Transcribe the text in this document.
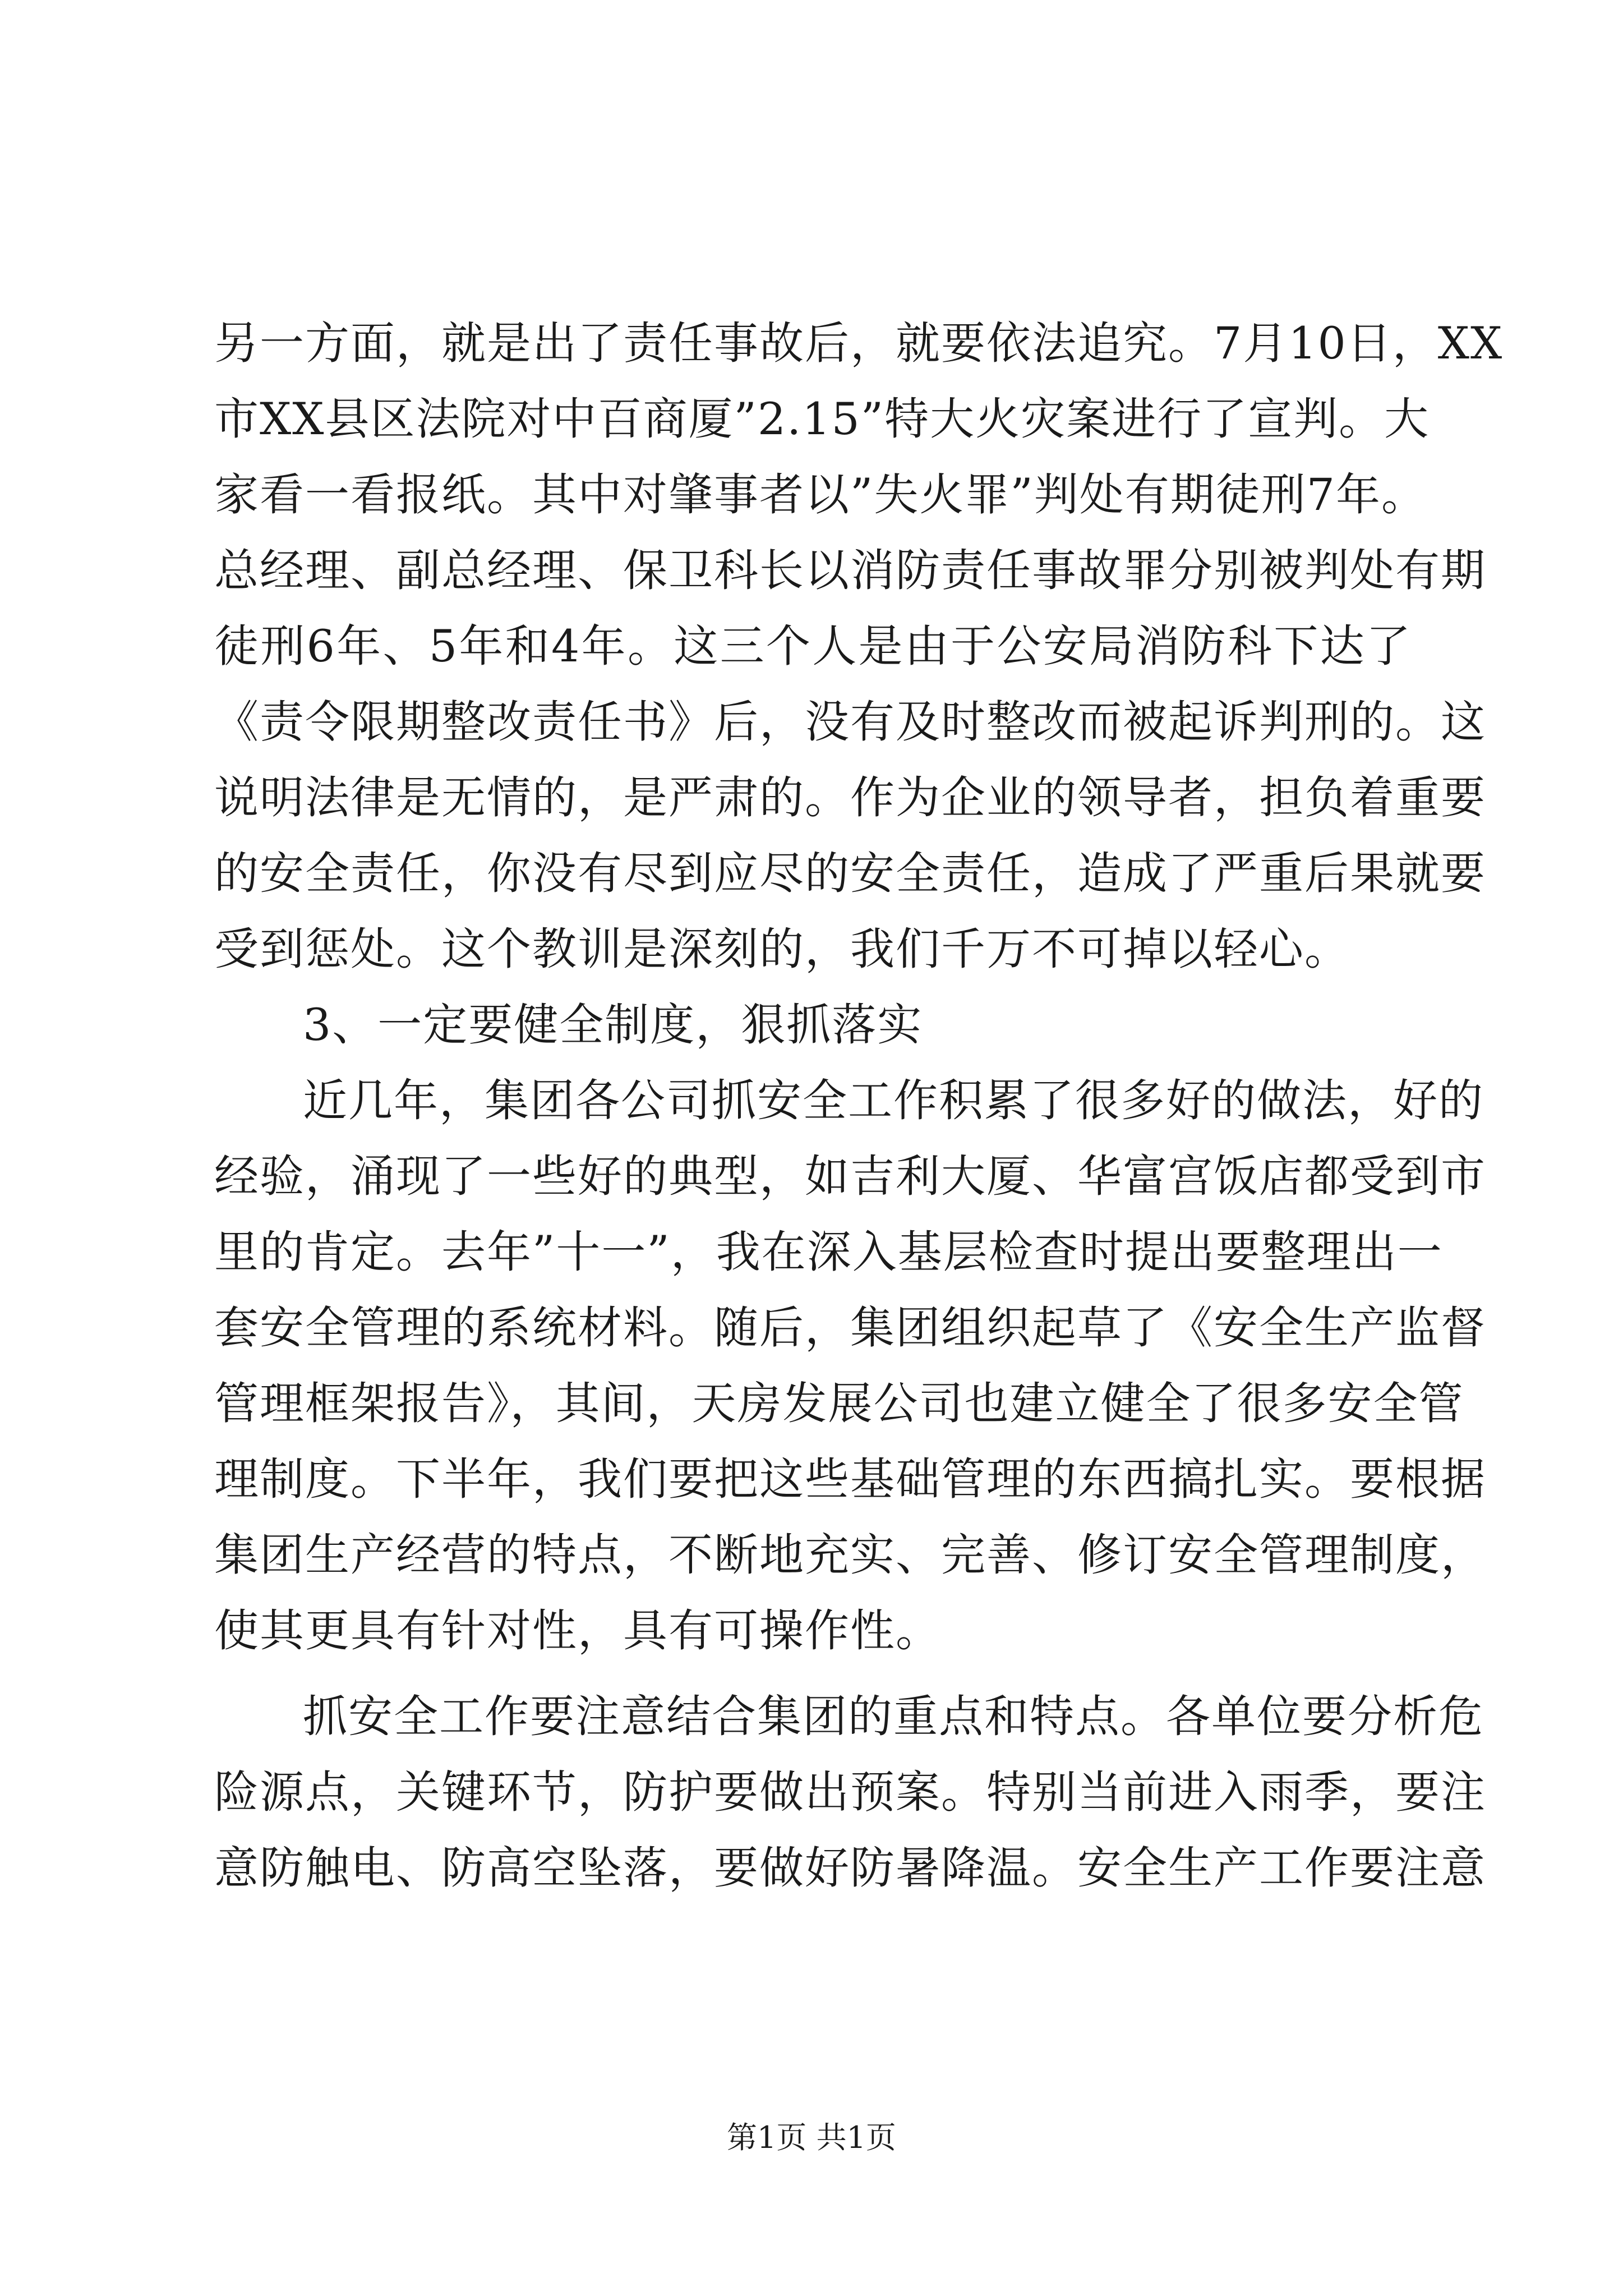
另一方面，就是出了责任事故后，就要依法追究。7月10日，XX
市XX县区法院对中百商厦”2.15”特大火灾案进行了宣判。大
家看一看报纸。其中对肇事者以”失火罪”判处有期徒刑7年。
总经理、副总经理、保卫科长以消防责任事故罪分别被判处有期
徒刑6年、5年和4年。这三个人是由于公安局消防科下达了
《责令限期整改责任书》后，没有及时整改而被起诉判刑的。这
说明法律是无情的，是严肃的。作为企业的领导者，担负着重要
的安全责任，你没有尽到应尽的安全责任，造成了严重后果就要
受到惩处。这个教训是深刻的，我们千万不可掉以轻心。
3、一定要健全制度，狠抓落实
近几年，集团各公司抓安全工作积累了很多好的做法，好的
经验，涌现了一些好的典型，如吉利大厦、华富宫饭店都受到市
里的肯定。去年”十一”，我在深入基层检查时提出要整理出一
套安全管理的系统材料。随后，集团组织起草了《安全生产监督
管理框架报告》，其间，天房发展公司也建立健全了很多安全管
理制度。下半年，我们要把这些基础管理的东西搞扎实。要根据
集团生产经营的特点，不断地充实、完善、修订安全管理制度，
使其更具有针对性，具有可操作性。
抓安全工作要注意结合集团的重点和特点。各单位要分析危
险源点，关键环节，防护要做出预案。特别当前进入雨季，要注
意防触电、防高空坠落，要做好防暑降温。安全生产工作要注意
第1页 共1页
